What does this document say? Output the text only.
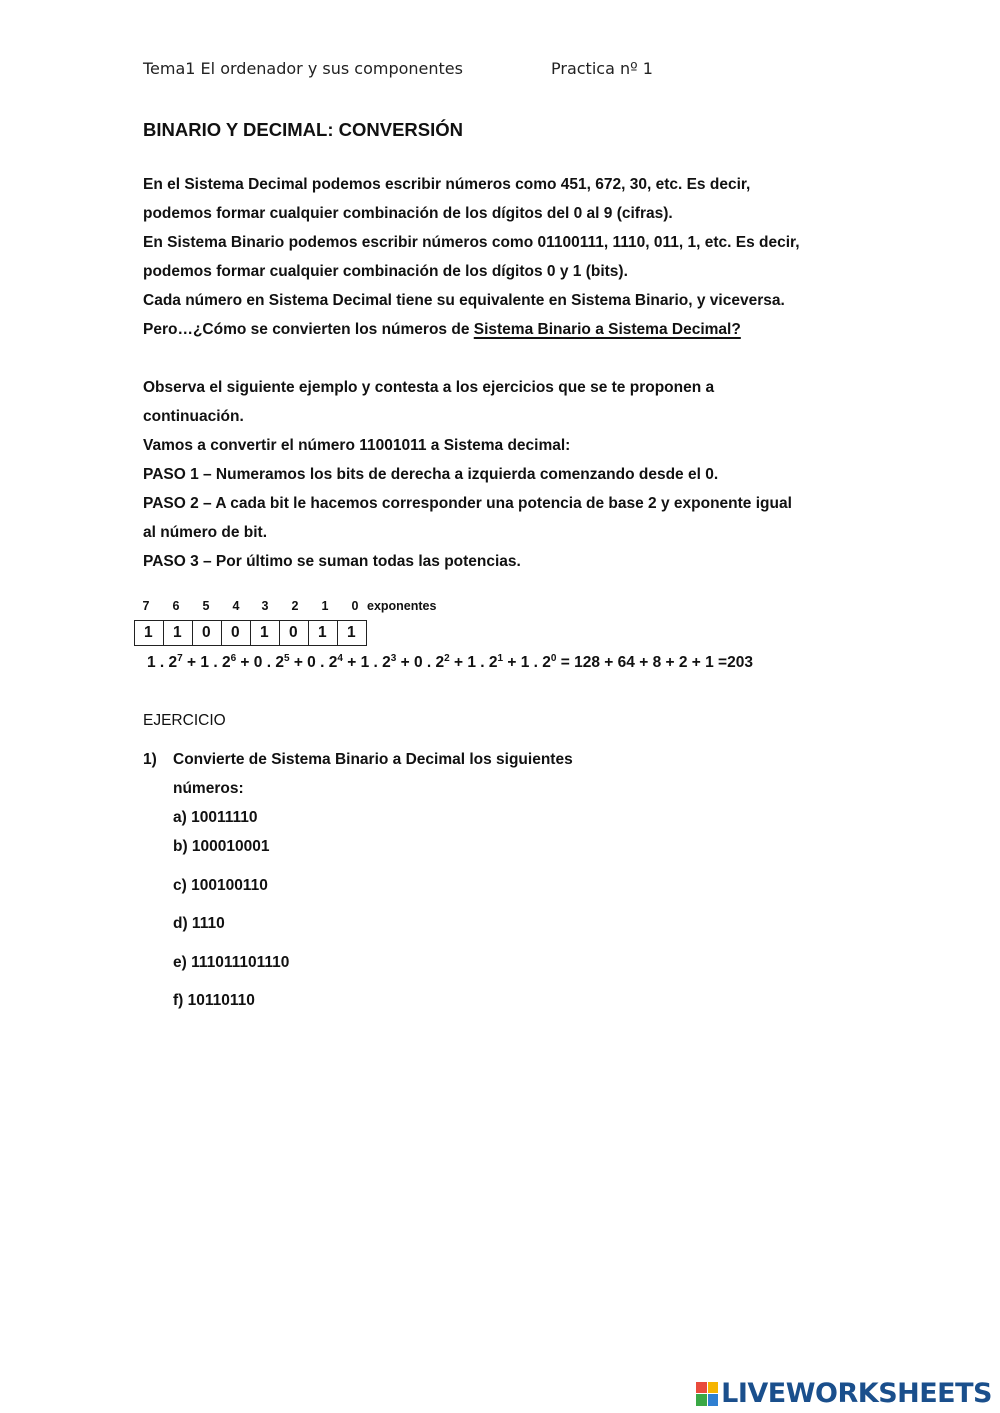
Tema1 El ordenador y sus componentes	Practica nº 1
BINARIO Y DECIMAL: CONVERSIÓN
En el Sistema Decimal podemos escribir números como 451, 672, 30, etc. Es decir,
podemos formar cualquier combinación de los dígitos del 0 al 9 (cifras).
En Sistema Binario podemos escribir números como 01100111, 1110, 011, 1, etc. Es decir,
podemos formar cualquier combinación de los dígitos 0 y 1 (bits).
Cada número en Sistema Decimal tiene su equivalente en Sistema Binario, y viceversa.
Pero…¿Cómo se convierten los números de Sistema Binario a Sistema Decimal?
Observa el siguiente ejemplo y contesta a los ejercicios que se te proponen a
continuación.
Vamos a convertir el número 11001011 a Sistema decimal:
PASO 1 – Numeramos los bits de derecha a izquierda comenzando desde el 0.
PASO 2 – A cada bit le hacemos corresponder una potencia de base 2 y exponente igual
al número de bit.
PASO 3 – Por último se suman todas las potencias.
7	6	5	4	3	2	1	0 exponentes
1	1	0	0	1	0	1	1
1 . $2^7 + 1$ . $2^6 + 0$ . $2^5 + 0$ . $2^4 + 1$ . $2^3 + 0$ . $2^2 + 1$ . $2^1 + 1$ . $2^0 = 128 + 64 + 8 + 2 + 1 =203$
EJERCICIO
1) Convierte de Sistema Binario a Decimal los siguientes
números:
a) 10011110
b) 100010001
c) 100100110
d) 1110
e) 111011101110
f) 10110110
LIVEWORKSHEETS
